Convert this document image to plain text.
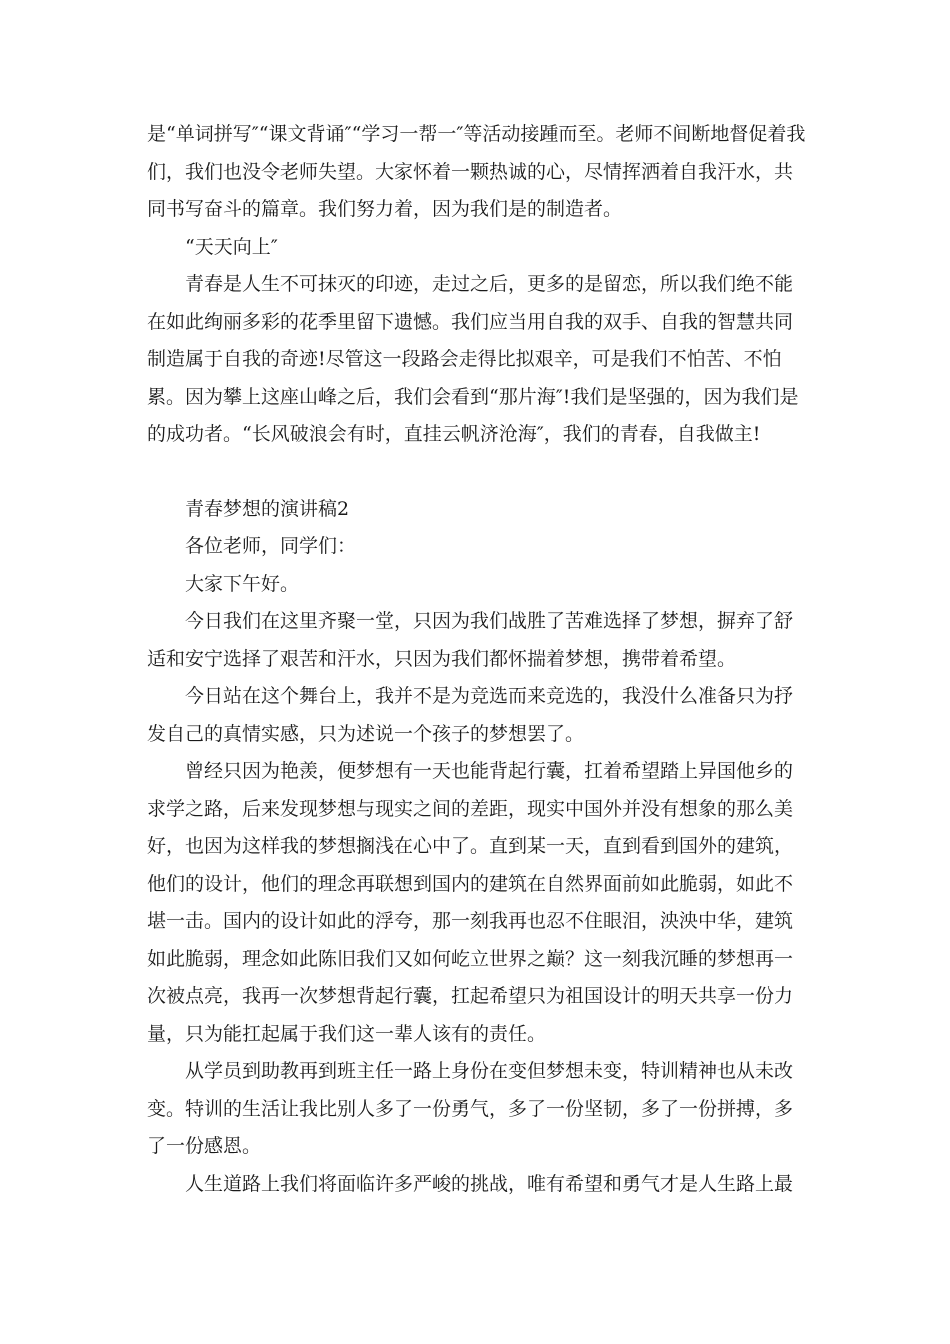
是“单词拼写″“课文背诵″“学习一帮一″等活动接踵而至。老师不间断地督促着我们，我们也没令老师失望。大家怀着一颗热诚的心，尽情挥洒着自我汗水，共同书写奋斗的篇章。我们努力着，因为我们是的制造者。

“天天向上″

青春是人生不可抹灭的印迹，走过之后，更多的是留恋，所以我们绝不能在如此绚丽多彩的花季里留下遗憾。我们应当用自我的双手、自我的智慧共同制造属于自我的奇迹!尽管这一段路会走得比拟艰辛，可是我们不怕苦、不怕累。因为攀上这座山峰之后，我们会看到“那片海″!我们是坚强的，因为我们是的成功者。“长风破浪会有时，直挂云帆济沧海″，我们的青春，自我做主!

青春梦想的演讲稿2

各位老师，同学们：

大家下午好。

今日我们在这里齐聚一堂，只因为我们战胜了苦难选择了梦想，摒弃了舒适和安宁选择了艰苦和汗水，只因为我们都怀揣着梦想，携带着希望。

今日站在这个舞台上，我并不是为竞选而来竞选的，我没什么准备只为抒发自己的真情实感，只为述说一个孩子的梦想罢了。

曾经只因为艳羡，便梦想有一天也能背起行囊，扛着希望踏上异国他乡的求学之路，后来发现梦想与现实之间的差距，现实中国外并没有想象的那么美好，也因为这样我的梦想搁浅在心中了。直到某一天，直到看到国外的建筑，他们的设计，他们的理念再联想到国内的建筑在自然界面前如此脆弱，如此不堪一击。国内的设计如此的浮夸，那一刻我再也忍不住眼泪，泱泱中华，建筑如此脆弱，理念如此陈旧我们又如何屹立世界之巅？这一刻我沉睡的梦想再一次被点亮，我再一次梦想背起行囊，扛起希望只为祖国设计的明天共享一份力量，只为能扛起属于我们这一辈人该有的责任。

从学员到助教再到班主任一路上身份在变但梦想未变，特训精神也从未改变。特训的生活让我比别人多了一份勇气，多了一份坚韧，多了一份拼搏，多了一份感恩。

人生道路上我们将面临许多严峻的挑战，唯有希望和勇气才是人生路上最
